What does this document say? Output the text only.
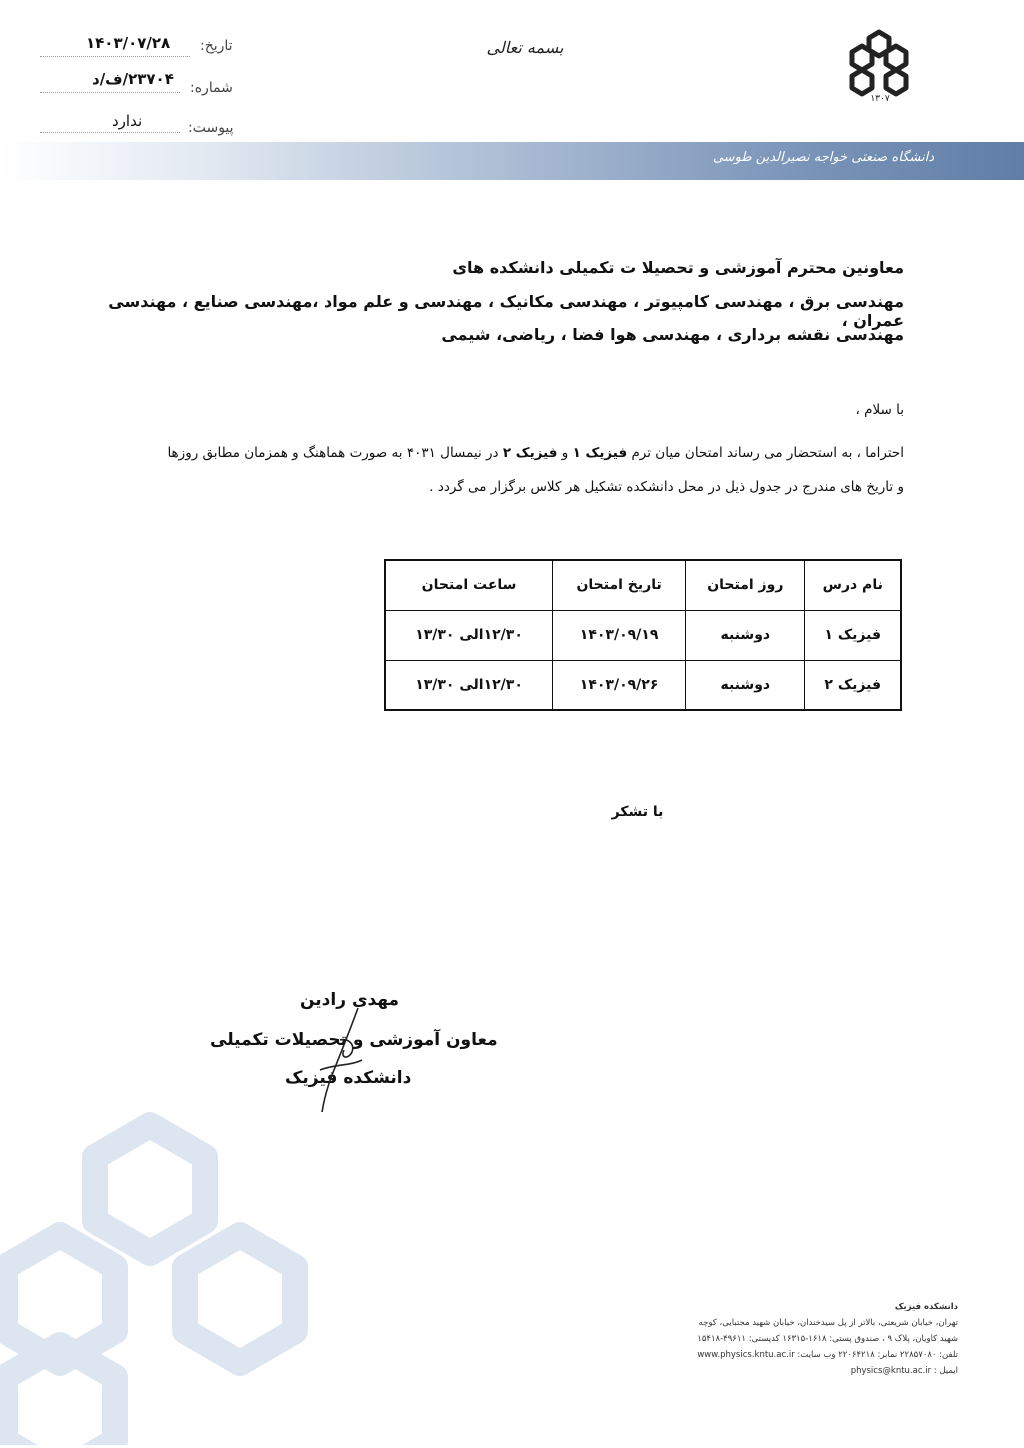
تاریخ:
۱۴۰۳/۰۷/۲۸
شماره:
۲۳۷۰۴/ف/د
پیوست:
ندارد
بسمه تعالی
۱۳۰۷
دانشگاه صنعتی خواجه نصیرالدین طوسی
معاونین محترم آموزشی و تحصیلا ت تکمیلی دانشکده های
مهندسی برق ، مهندسی کامپیوتر ، مهندسی مکانیک ، مهندسی و علم مواد ،مهندسی صنایع ، مهندسی عمران ،
مهندسی نقشه برداری ، مهندسی هوا فضا ، ریاضی، شیمی
با سلام ،
احتراما ، به استحضار می رساند امتحان میان ترم فیزیک ۱ و فیزیک ۲ در نیمسال ۴۰۳۱ به صورت هماهنگ و همزمان مطابق روزها
و تاریخ های مندرج در جدول ذیل در محل دانشکده تشکیل هر کلاس برگزار می گردد .
نام درس	روز امتحان	تاریخ امتحان	ساعت امتحان
فیزیک ۱	دوشنبه	۱۴۰۳/۰۹/۱۹	۱۲/۳۰الی ۱۳/۳۰
فیزیک ۲	دوشنبه	۱۴۰۳/۰۹/۲۶	۱۲/۳۰الی ۱۳/۳۰
با تشکر
مهدی رادین
معاون آموزشی و تحصیلات تکمیلی
دانشکده فیزیک
دانشکده فیزیک
تهران، خیابان شریعتی، بالاتر از پل سیدخندان، خیابان شهید مجتبایی، کوچه
شهید کاویان، پلاک ۹ ، صندوق پستی: ۱۶۱۸-۱۶۳۱۵ کدپستی: ۴۹۶۱۱-۱۵۴۱۸
تلفن: ۲۲۸۵۷۰۸۰ نمابر: ۲۲۰۶۴۲۱۸ وب سایت: www.physics.kntu.ac.ir
ایمیل : physics@kntu.ac.ir
